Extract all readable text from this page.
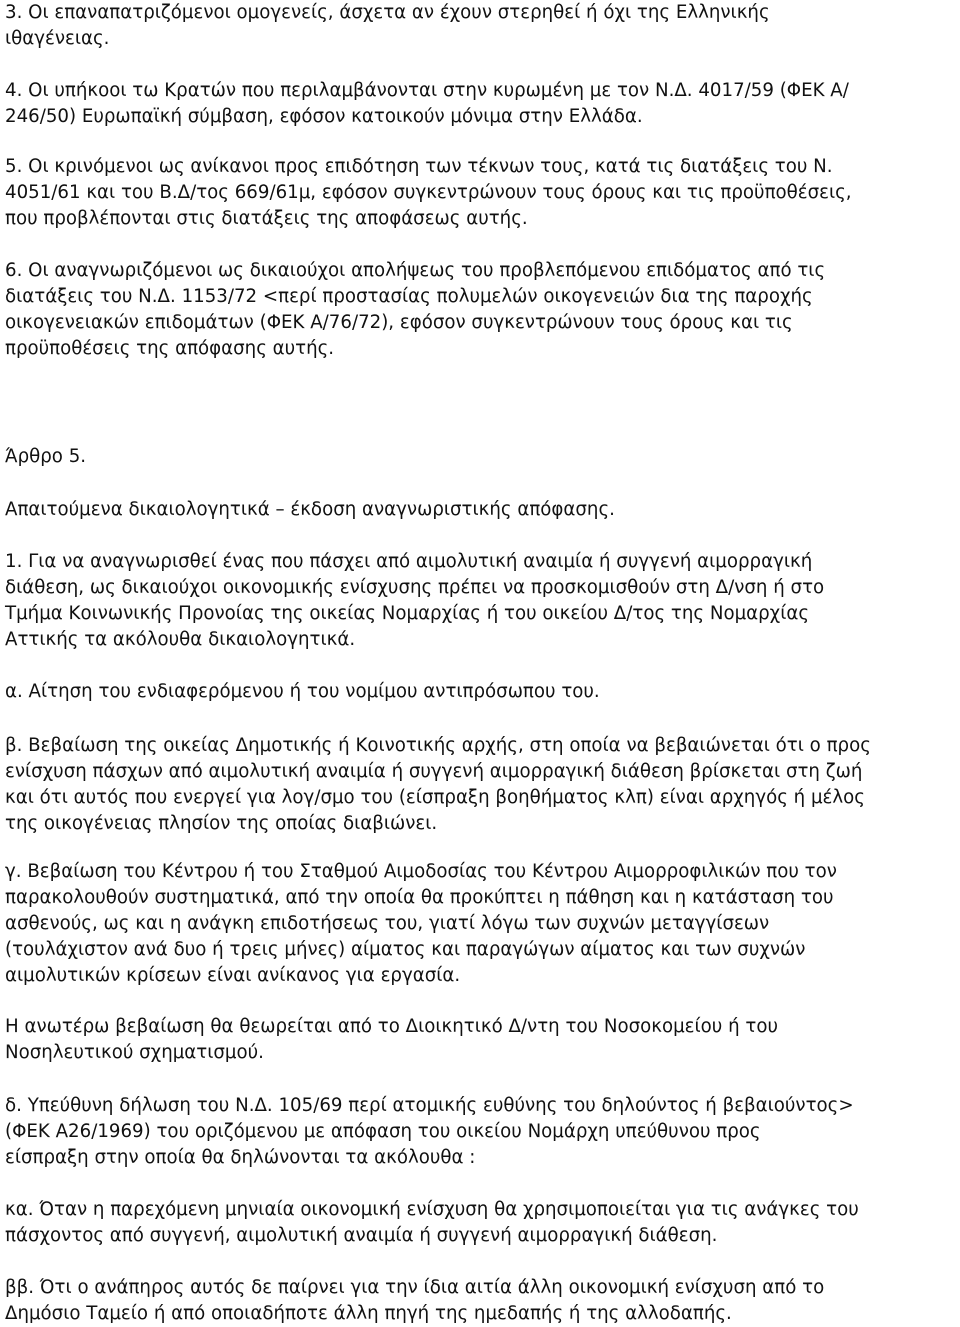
3. Οι επαναπατριζόμενοι ομογενείς, άσχετα αν έχουν στερηθεί ή όχι της Ελληνικής
ιθαγένειας.

4. Οι υπήκοοι τω Κρατών που περιλαμβάνονται στην κυρωμένη με τον Ν.Δ. 4017/59 (ΦΕΚ Α/
246/50) Ευρωπαϊκή σύμβαση, εφόσον κατοικούν μόνιμα στην Ελλάδα.

5. Οι κρινόμενοι ως ανίκανοι προς επιδότηση των τέκνων τους, κατά τις διατάξεις του Ν.
4051/61 και του Β.Δ/τος 669/61μ, εφόσον συγκεντρώνουν τους όρους και τις προϋποθέσεις,
που προβλέπονται στις διατάξεις της αποφάσεως αυτής.

6. Οι αναγνωριζόμενοι ως δικαιούχοι απολήψεως του προβλεπόμενου επιδόματος από τις
διατάξεις του Ν.Δ. 1153/72 <περί προστασίας πολυμελών οικογενειών δια της παροχής
οικογενειακών επιδομάτων (ΦΕΚ Α/76/72), εφόσον συγκεντρώνουν τους όρους και τις
προϋποθέσεις της απόφασης αυτής.

Άρθρο 5.

Απαιτούμενα δικαιολογητικά – έκδοση αναγνωριστικής απόφασης.

1. Για να αναγνωρισθεί ένας που πάσχει από αιμολυτική αναιμία ή συγγενή αιμορραγική
διάθεση, ως δικαιούχοι οικονομικής ενίσχυσης πρέπει να προσκομισθούν στη Δ/νση ή στο
Τμήμα Κοινωνικής Προνοίας της οικείας Νομαρχίας ή του οικείου Δ/τος της Νομαρχίας
Αττικής τα ακόλουθα δικαιολογητικά.

α. Αίτηση του ενδιαφερόμενου ή του νομίμου αντιπρόσωπου του.

β. Βεβαίωση της οικείας Δημοτικής ή Κοινοτικής αρχής, στη οποία να βεβαιώνεται ότι ο προς
ενίσχυση πάσχων από αιμολυτική αναιμία ή συγγενή αιμορραγική διάθεση βρίσκεται στη ζωή
και ότι αυτός που ενεργεί για λογ/σμο του (είσπραξη βοηθήματος κλπ) είναι αρχηγός ή μέλος
της οικογένειας πλησίον της οποίας διαβιώνει.

γ. Βεβαίωση του Κέντρου ή του Σταθμού Αιμοδοσίας του Κέντρου Αιμορροφιλικών που τον
παρακολουθούν συστηματικά, από την οποία θα προκύπτει η πάθηση και η κατάσταση του
ασθενούς, ως και η ανάγκη επιδοτήσεως του, γιατί λόγω των συχνών μεταγγίσεων
(τουλάχιστον ανά δυο ή τρεις μήνες) αίματος και παραγώγων αίματος και των συχνών
αιμολυτικών κρίσεων είναι ανίκανος για εργασία.

Η ανωτέρω βεβαίωση θα θεωρείται από το Διοικητικό Δ/ντη του Νοσοκομείου ή του
Νοσηλευτικού σχηματισμού.

δ. Υπεύθυνη δήλωση του Ν.Δ. 105/69 περί ατομικής ευθύνης του δηλούντος ή βεβαιούντος>
(ΦΕΚ Α26/1969) του οριζόμενου με απόφαση του οικείου Νομάρχη υπεύθυνου προς
είσπραξη στην οποία θα δηλώνονται τα ακόλουθα :

κα. Όταν η παρεχόμενη μηνιαία οικονομική ενίσχυση θα χρησιμοποιείται για τις ανάγκες του
πάσχοντος από συγγενή, αιμολυτική αναιμία ή συγγενή αιμορραγική διάθεση.

ββ. Ότι ο ανάπηρος αυτός δε παίρνει για την ίδια αιτία άλλη οικονομική ενίσχυση από το
Δημόσιο Ταμείο ή από οποιαδήποτε άλλη πηγή της ημεδαπής ή της αλλοδαπής.
